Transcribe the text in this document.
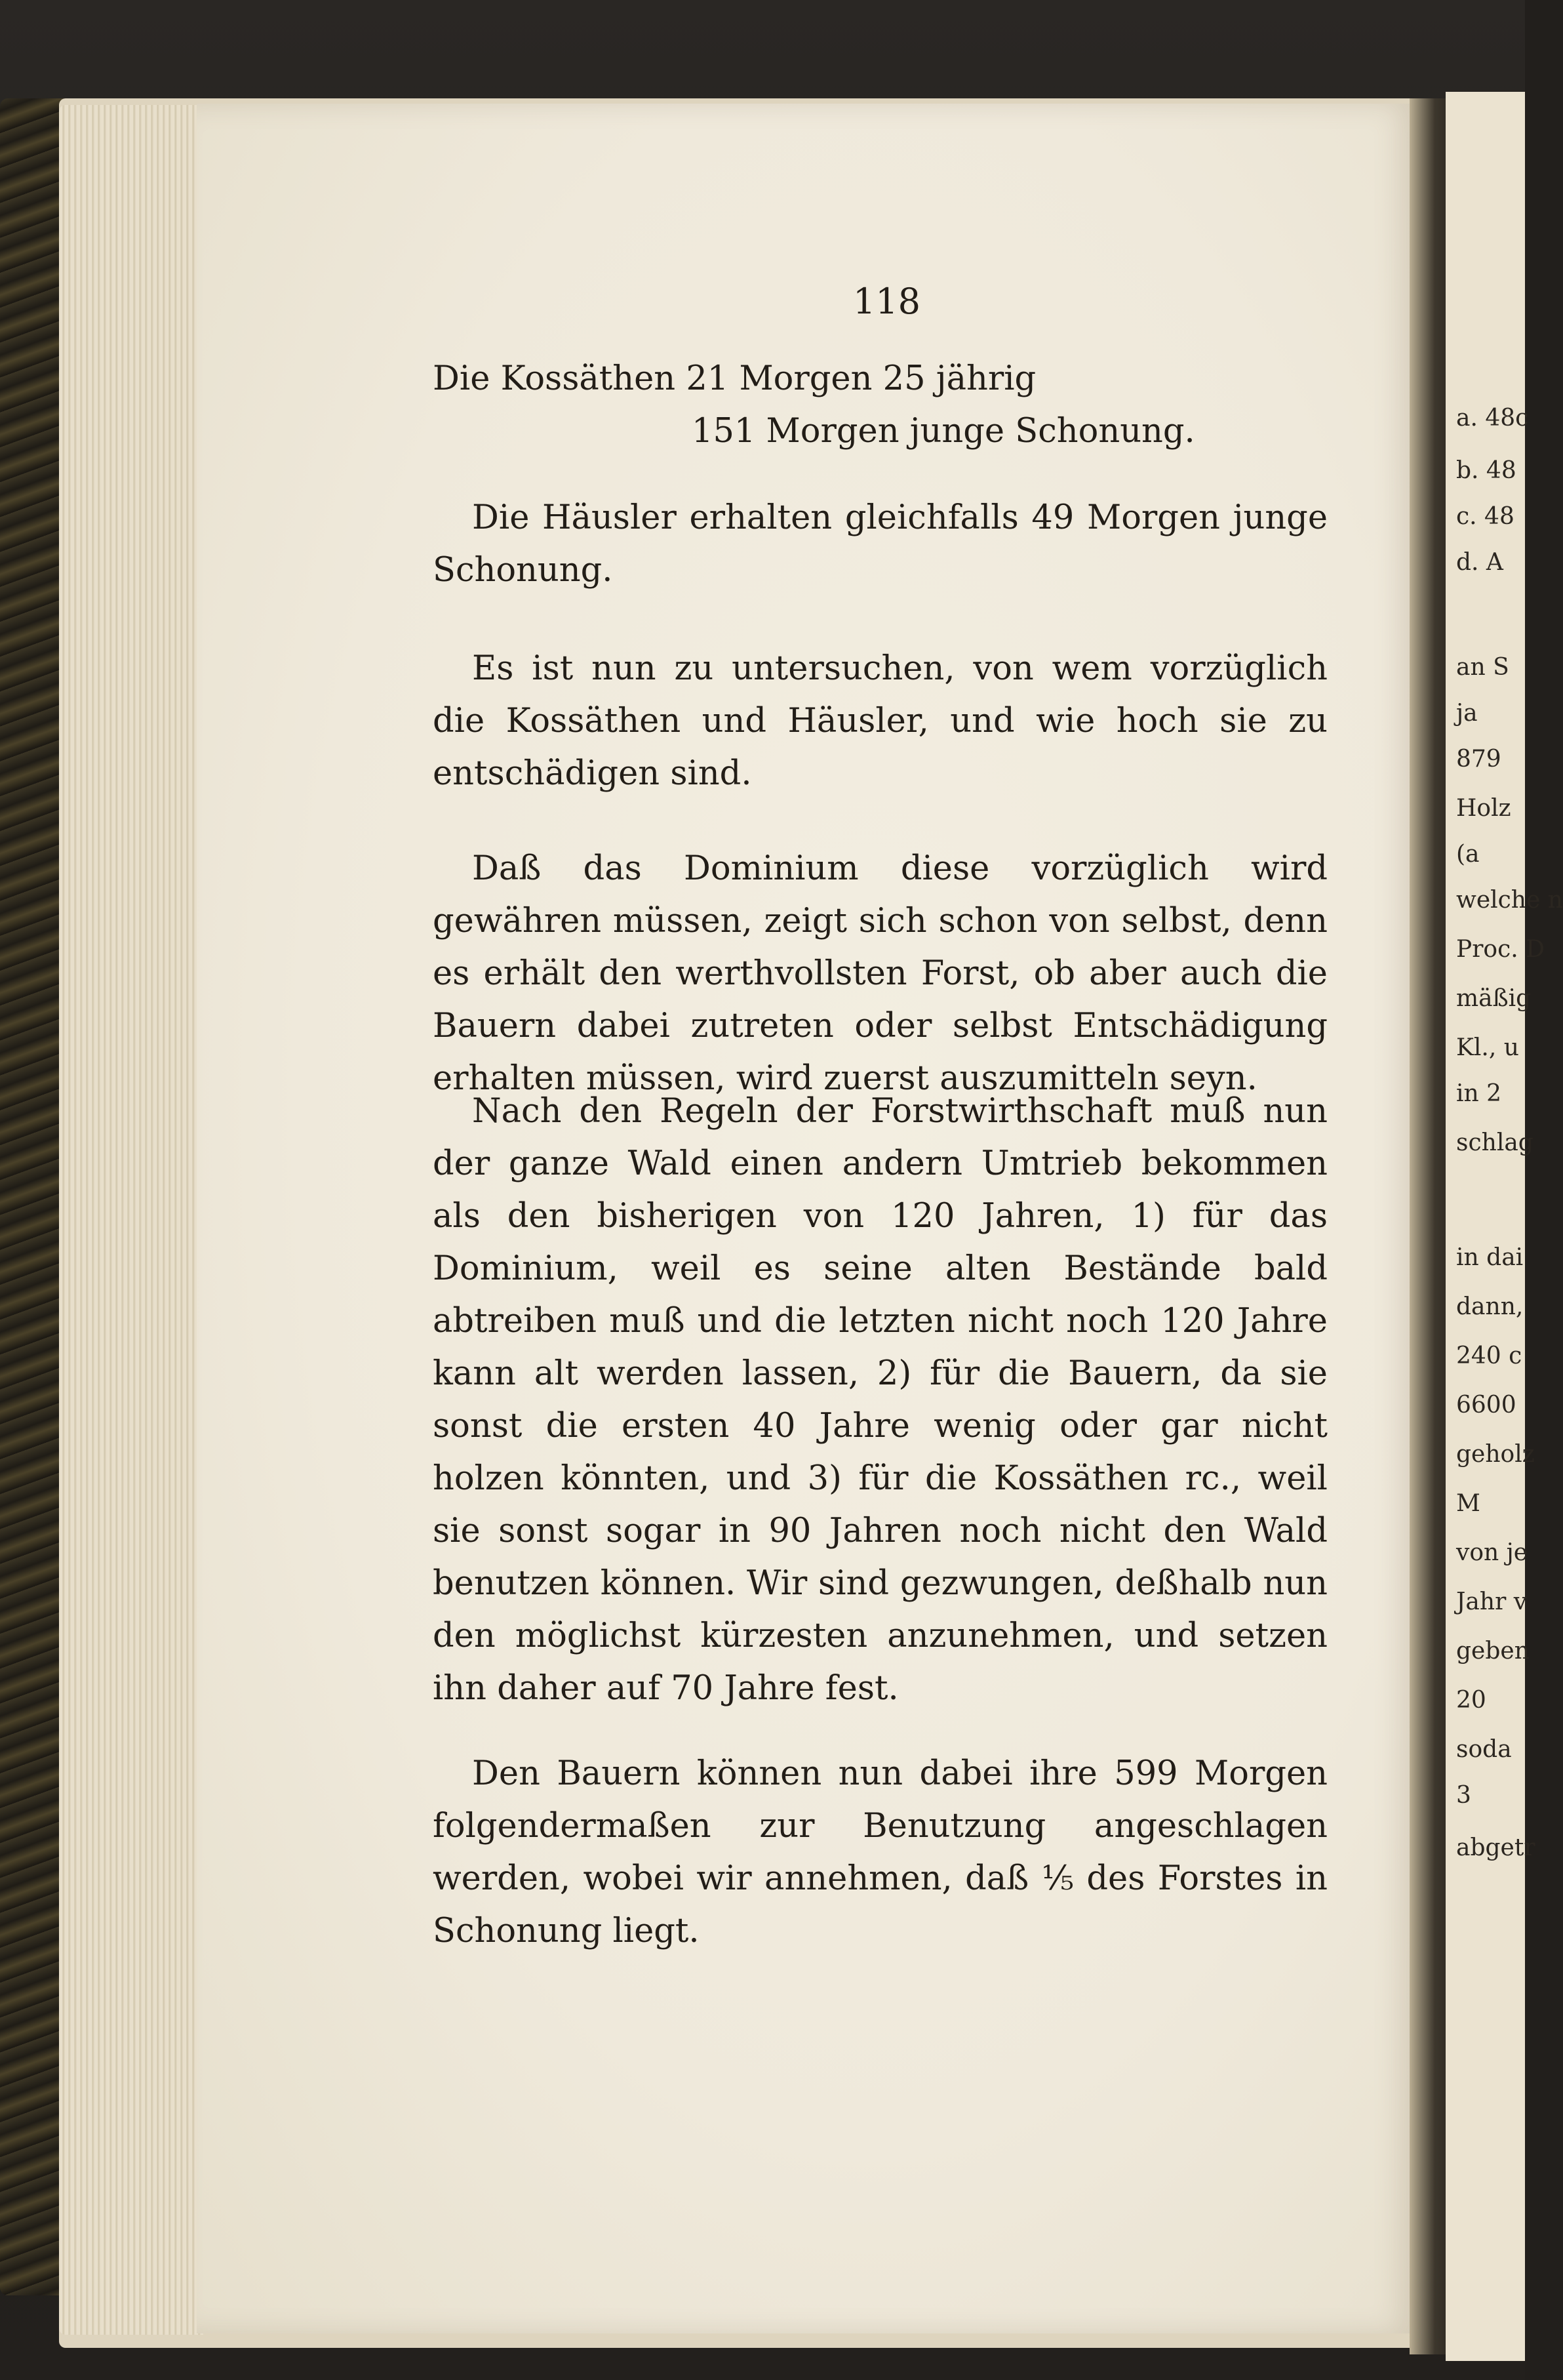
a. 48c
b. 48
c. 48
d. A
an S
ja
879
Holz
(a
welche n
Proc. D
mäßig
Kl., u
in 2
schlag
in dai
dann,
240 c
6600
geholz
M
von je
Jahr v
geben
20
soda
3
abgetr
118

Die Kossäthen 21 Morgen 25 jährig

151 Morgen junge Schonung.

Die Häusler erhalten gleichfalls 49 Morgen junge Schonung.

Es ist nun zu untersuchen, von wem vorzüglich die Kossäthen und Häusler, und wie hoch sie zu entschädigen sind.

Daß das Dominium diese vorzüglich wird gewähren müssen, zeigt sich schon von selbst, denn es erhält den werthvollsten Forst, ob aber auch die Bauern dabei zutreten oder selbst Entschädigung erhalten müssen, wird zuerst auszumitteln seyn.

Nach den Regeln der Forstwirthschaft muß nun der ganze Wald einen andern Umtrieb bekommen als den bisherigen von 120 Jahren, 1) für das Dominium, weil es seine alten Bestände bald abtreiben muß und die letzten nicht noch 120 Jahre kann alt werden lassen, 2) für die Bauern, da sie sonst die ersten 40 Jahre wenig oder gar nicht holzen könnten, und 3) für die Kossäthen rc., weil sie sonst sogar in 90 Jahren noch nicht den Wald benutzen können. Wir sind gezwungen, deßhalb nun den möglichst kürzesten anzunehmen, und setzen ihn daher auf 70 Jahre fest.

Den Bauern können nun dabei ihre 599 Morgen folgendermaßen zur Benutzung angeschlagen werden, wobei wir annehmen, daß ⅕ des Forstes in Schonung liegt.
